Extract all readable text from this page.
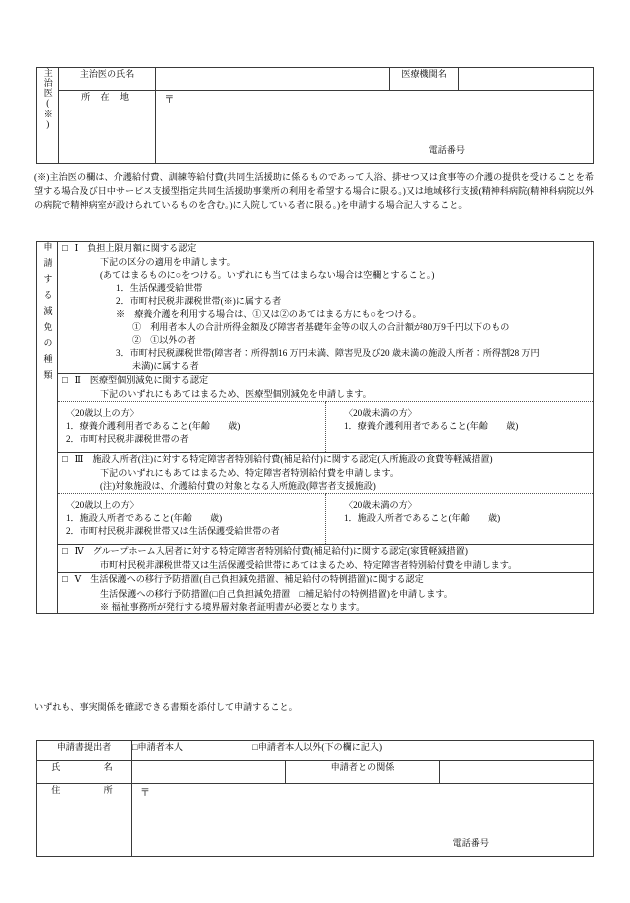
主治医(※)	主治医の氏名		医療機関名	
	所 在 地	〒
電話番号		
(※)主治医の欄は、介護給付費、訓練等給付費(共同生活援助に係るものであって入浴、排せつ又は食事等の介護の提供を受けることを希望する場合及び日中サービス支援型指定共同生活援助事業所の利用を希望する場合に限る。)又は地域移行支援(精神科病院(精神科病院以外の病院で精神病室が設けられているものを含む。)に入院している者に限る。)を申請する場合記入すること。
申請する減免の種類	□ Ⅰ 負担上限月額に関する認定
下記の区分の適用を申請します。
(あてはまるものに○をつける。いずれにも当てはまらない場合は空欄とすること。)
1．生活保護受給世帯
2．市町村民税非課税世帯(※)に属する者
※　療養介護を利用する場合は、①又は②のあてはまる方にも○をつける。
①　利用者本人の合計所得金額及び障害者基礎年金等の収入の合計額が80万9千円以下のもの
②　①以外の者
3．市町村民税課税世帯(障害者：所得割16 万円未満、障害児及び20 歳未満の施設入所者：所得割28 万円
未満)に属する者

□ Ⅱ 医療型個別減免に関する認定
下記のいずれにもあてはまるため、医療型個別減免を申請します。

〈20歳以上の方〉
1．療養介護利用者であること(年齢　　歳)
2．市町村民税非課税世帯の者

〈20歳未満の方〉
1．療養介護利用者であること(年齢　　歳)

□ Ⅲ 施設入所者(注)に対する特定障害者特別給付費(補足給付)に関する認定(入所施設の食費等軽減措置)
下記のいずれにもあてはまるため、特定障害者特別給付費を申請します。
(注)対象施設は、介護給付費の対象となる入所施設(障害者支援施設)

〈20歳以上の方〉
1．施設入所者であること(年齢　　歳)
2．市町村民税非課税世帯又は生活保護受給世帯の者

〈20歳未満の方〉
1．施設入所者であること(年齢　　歳)

□ Ⅳ グループホーム入居者に対する特定障害者特別給付費(補足給付)に関する認定(家賃軽減措置)
市町村民税非課税世帯又は生活保護受給世帯にあてはまるため、特定障害者特別給付費を申請します。

□ Ⅴ 生活保護への移行予防措置(自己負担減免措置、補足給付の特例措置)に関する認定
生活保護への移行予防措置(□自己負担減免措置　□補足給付の特例措置)を申請します。
※ 福祉事務所が発行する境界層対象者証明書が必要となります。
いずれも、事実関係を確認できる書類を添付して申請すること。
申請書提出者	□申請者本人 □申請者本人以外(下の欄に記入)		
氏　　　名		申請者との関係	
住　　　所	〒
電話番号		
